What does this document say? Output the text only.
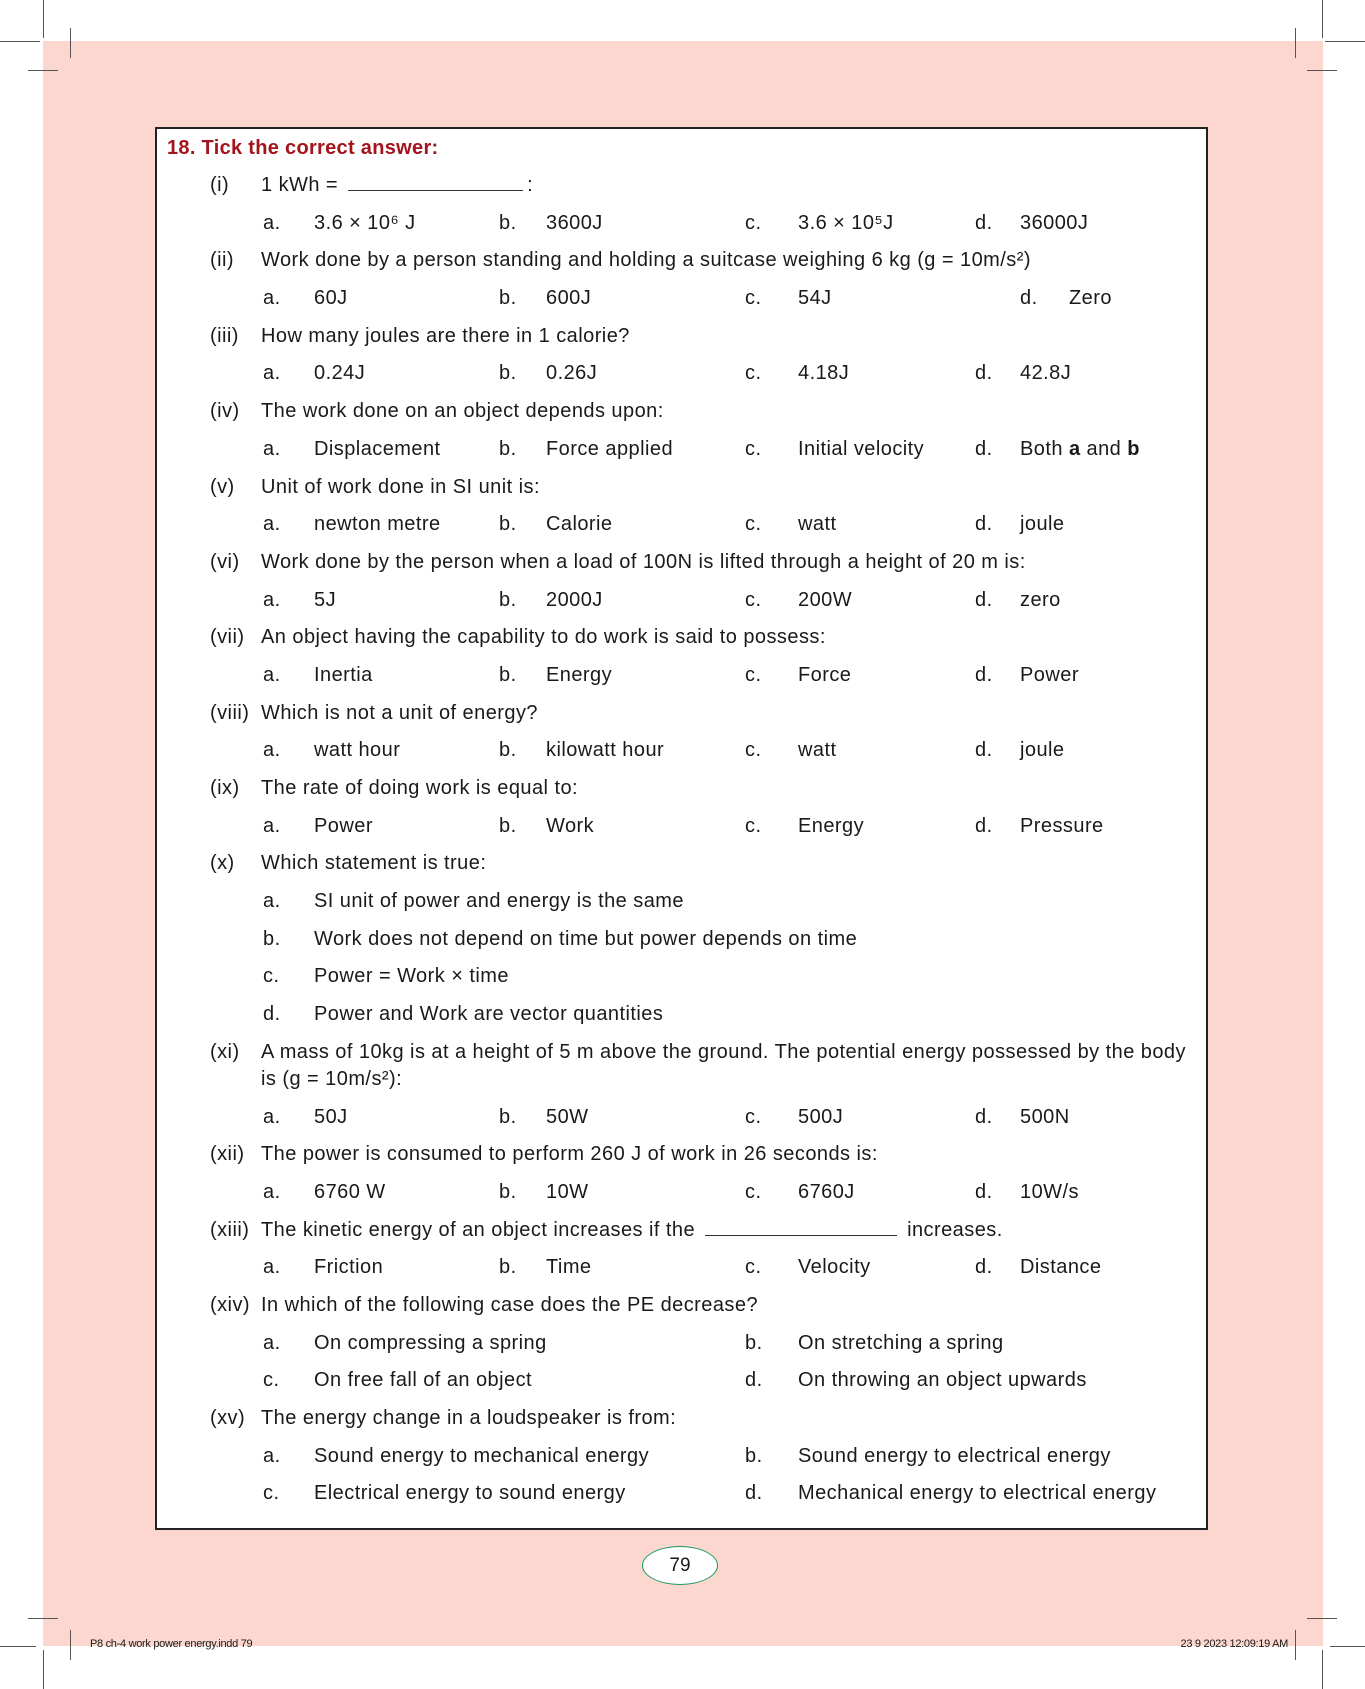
18. Tick the correct answer:
(i) 1 kWh =	:
a. 3.6 × 10⁶ J	b. 3600J	c. 3.6 × 10⁵J	d. 36000J
(ii) Work done by a person standing and holding a suitcase weighing 6 kg (g = 10m/s²)
a. 60J	b. 600J	c. 54J	d. Zero
(iii) How many joules are there in 1 calorie?
a. 0.24J	b. 0.26J	c. 4.18J	d. 42.8J
(iv) The work done on an object depends upon:
a. Displacement	b. Force applied	c. Initial velocity	d. Both a and b
(v) Unit of work done in SI unit is:
a. newton metre	b. Calorie	c. watt	d. joule
(vi) Work done by the person when a load of 100N is lifted through a height of 20 m is:
a. 5J	b. 2000J	c. 200W	d. zero
(vii) An object having the capability to do work is said to possess:
a. Inertia	b. Energy	c. Force	d. Power
(viii) Which is not a unit of energy?
a. watt hour	b. kilowatt hour	c. watt	d. joule
(ix) The rate of doing work is equal to:
a. Power	b. Work	c. Energy	d. Pressure
(x) Which statement is true:
a. SI unit of power and energy is the same
b. Work does not depend on time but power depends on time
c. Power = Work × time
d. Power and Work are vector quantities
(xi) A mass of 10kg is at a height of 5 m above the ground. The potential energy possessed by the body is (g = 10m/s²):
a. 50J	b. 50W	c. 500J	d. 500N
(xii) The power is consumed to perform 260 J of work in 26 seconds is:
a. 6760 W	b. 10W	c. 6760J	d. 10W/s
(xiii) The kinetic energy of an object increases if the	increases.
a. Friction	b. Time	c. Velocity	d. Distance
(xiv) In which of the following case does the PE decrease?
a. On compressing a spring	b. On stretching a spring
c. On free fall of an object	d. On throwing an object upwards
(xv) The energy change in a loudspeaker is from:
a. Sound energy to mechanical energy	b. Sound energy to electrical energy
c. Electrical energy to sound energy	d. Mechanical energy to electrical energy
79
P8 ch-4 work power energy.indd 79	23 9 2023 12:09:19 AM
